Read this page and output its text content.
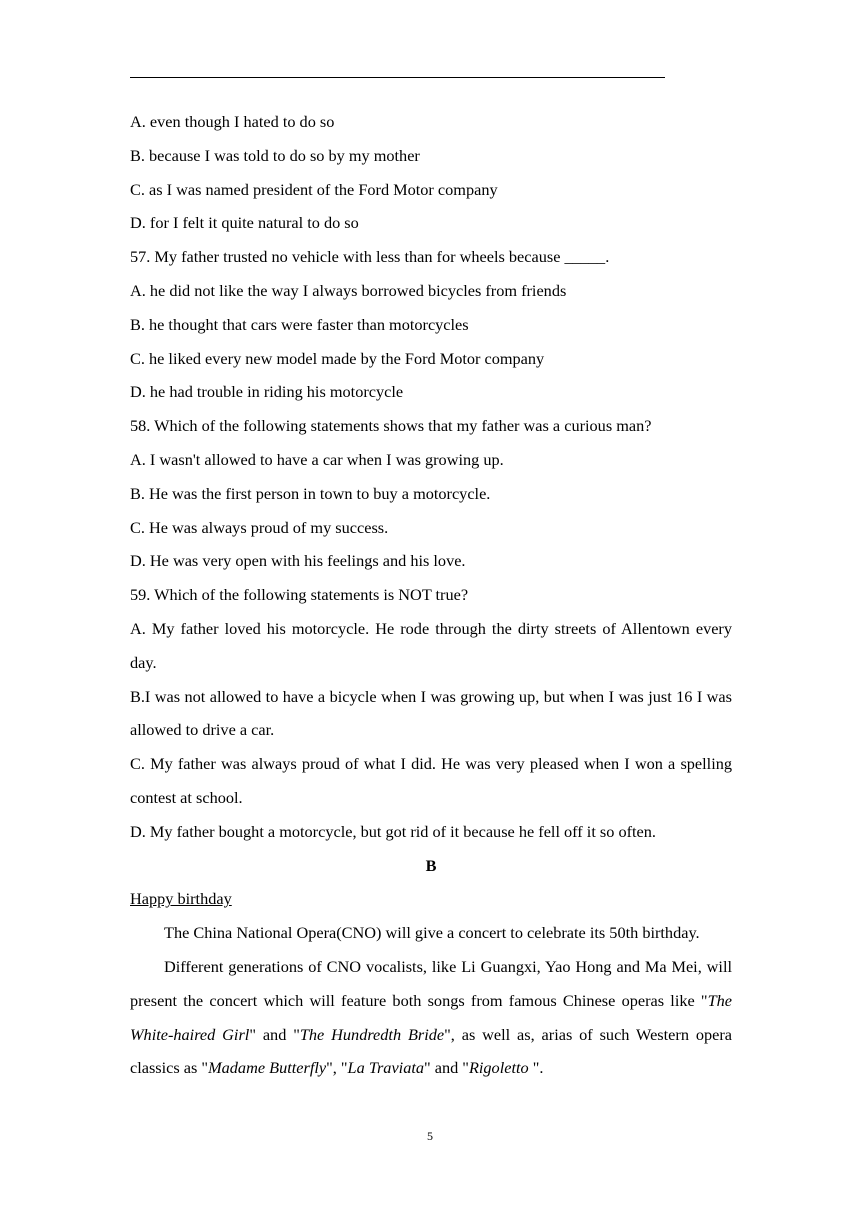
A. even though I hated to do so

B. because I was told to do so by my mother

C. as I was named president of the Ford Motor company

D. for I felt it quite natural to do so

57. My father trusted no vehicle with less than for wheels because _____.

A. he did not like the way I always borrowed bicycles from friends

B. he thought that cars were faster than motorcycles

C. he liked every new model made by the Ford Motor company

D. he had trouble in riding his motorcycle

58. Which of the following statements shows that my father was a curious man?

A. I wasn't allowed to have a car when I was growing up.

B. He was the first person in town to buy a motorcycle.

C. He was always proud of my success.

D. He was very open with his feelings and his love.

59. Which of the following statements is NOT true?

A. My father loved his motorcycle. He rode through the dirty streets of Allentown every day.

B.I was not allowed to have a bicycle when I was growing up, but when I was just 16 I was allowed to drive a car.

C. My father was always proud of what I did. He was very pleased when I won a spelling contest at school.

D. My father bought a motorcycle, but got rid of it because he fell off it so often.

B

Happy birthday

The China National Opera(CNO) will give a concert to celebrate its 50th birthday.

Different generations of CNO vocalists, like Li Guangxi, Yao Hong and Ma Mei, will present the concert which will feature both songs from famous Chinese operas like "The White-haired Girl" and "The Hundredth Bride", as well as, arias of such Western opera classics as "Madame Butterfly", "La Traviata" and "Rigoletto ".

5
